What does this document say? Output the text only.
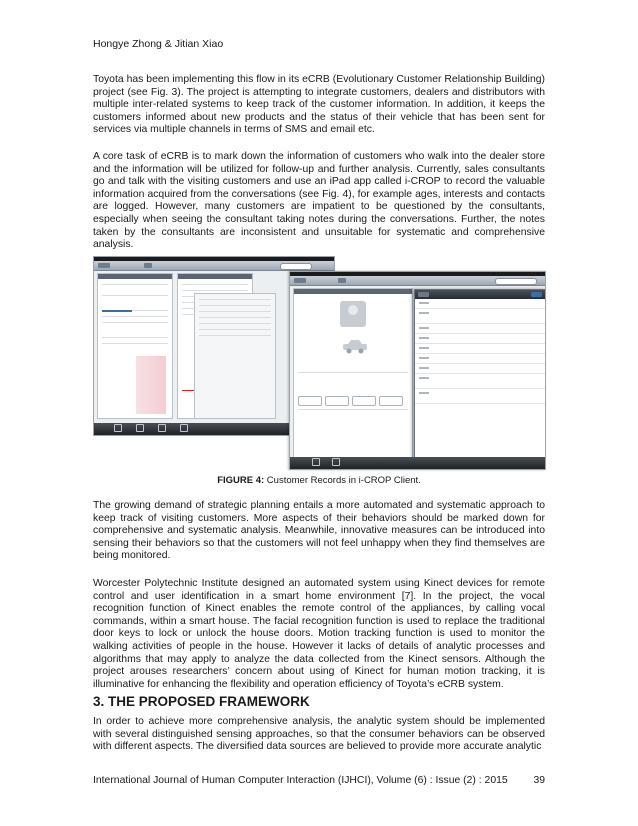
Hongye Zhong & Jitian Xiao

Toyota has been implementing this flow in its eCRB (Evolutionary Customer Relationship Building) project (see Fig. 3). The project is attempting to integrate customers, dealers and distributors with multiple inter-related systems to keep track of the customer information. In addition, it keeps the customers informed about new products and the status of their vehicle that has been sent for services via multiple channels in terms of SMS and email etc.

A core task of eCRB is to mark down the information of customers who walk into the dealer store and the information will be utilized for follow-up and further analysis. Currently, sales consultants go and talk with the visiting customers and use an iPad app called i-CROP to record the valuable information acquired from the conversations (see Fig. 4), for example ages, interests and contacts are logged. However, many customers are impatient to be questioned by the consultants, especially when seeing the consultant taking notes during the conversations. Further, the notes taken by the consultants are inconsistent and unsuitable for systematic and comprehensive analysis.

FIGURE 4: Customer Records in i-CROP Client.

The growing demand of strategic planning entails a more automated and systematic approach to keep track of visiting customers. More aspects of their behaviors should be marked down for comprehensive and systematic analysis. Meanwhile, innovative measures can be introduced into sensing their behaviors so that the customers will not feel unhappy when they find themselves are being monitored.

Worcester Polytechnic Institute designed an automated system using Kinect devices for remote control and user identification in a smart home environment [7]. In the project, the vocal recognition function of Kinect enables the remote control of the appliances, by calling vocal commands, within a smart house. The facial recognition function is used to replace the traditional door keys to lock or unlock the house doors. Motion tracking function is used to monitor the walking activities of people in the house. However it lacks of details of analytic processes and algorithms that may apply to analyze the data collected from the Kinect sensors. Although the project arouses researchers’ concern about using of Kinect for human motion tracking, it is illuminative for enhancing the flexibility and operation efficiency of Toyota’s eCRB system.

3. THE PROPOSED FRAMEWORK

In order to achieve more comprehensive analysis, the analytic system should be implemented with several distinguished sensing approaches, so that the consumer behaviors can be observed with different aspects. The diversified data sources are believed to provide more accurate analytic

International Journal of Human Computer Interaction (IJHCI), Volume (6) : Issue (2) : 2015 39
